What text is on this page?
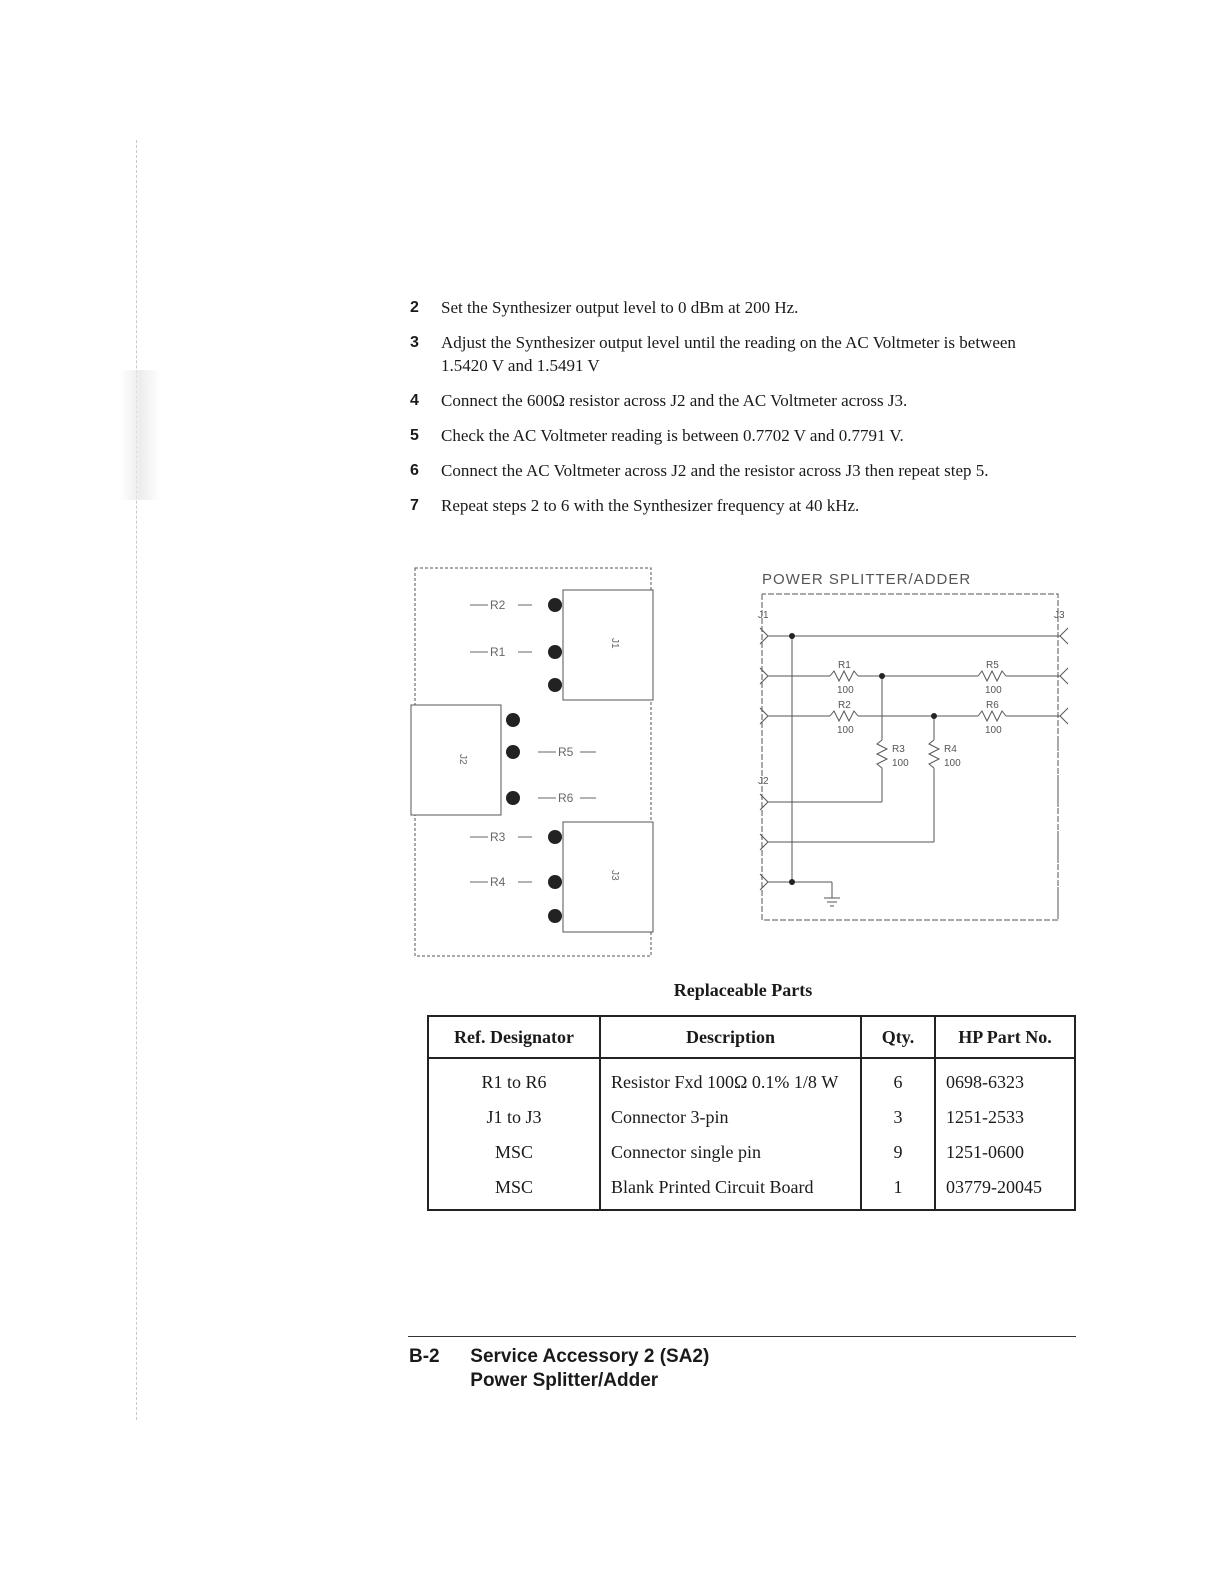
2 Set the Synthesizer output level to 0 dBm at 200 Hz.
3 Adjust the Synthesizer output level until the reading on the AC Voltmeter is between 1.5420 V and 1.5491 V
4 Connect the 600Ω resistor across J2 and the AC Voltmeter across J3.
5 Check the AC Voltmeter reading is between 0.7702 V and 0.7791 V.
6 Connect the AC Voltmeter across J2 and the resistor across J3 then repeat step 5.
7 Repeat steps 2 to 6 with the Synthesizer frequency at 40 kHz.
R2
R1
R5
R6
R3
R4
J1
J2
J3
POWER SPLITTER/ADDER
J1	J3
J2
R1
100
R5
100
R2
100
R6
100
R3
100
R4
100
Replaceable Parts
Ref. Designator	Description	Qty.	HP Part No.
R1 to R6	Resistor Fxd 100Ω 0.1% 1/8 W	6	0698-6323
J1 to J3	Connector 3-pin	3	1251-2533
MSC	Connector single pin	9	1251-0600
MSC	Blank Printed Circuit Board	1	03779-20045
B-2 Service Accessory 2 (SA2)
Power Splitter/Adder
